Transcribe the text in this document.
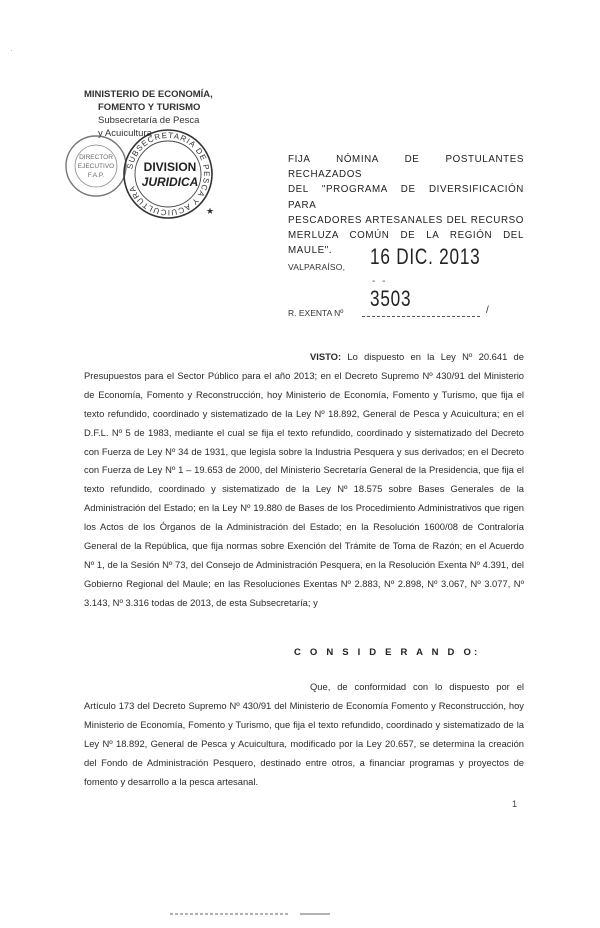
·
MINISTERIO DE ECONOMÍA,
FOMENTO Y TURISMO
Subsecretaría de Pesca
y Acuicultura
DIRECTOR
EJECUTIVO
F.A.P.
SUBSECRETARIA DE PESCA Y ACUICULTURA
DIVISION
JURIDICA
★
FIJA NÓMINA DE POSTULANTES RECHAZADOS
DEL "PROGRAMA DE DIVERSIFICACIÓN PARA
PESCADORES ARTESANALES DEL RECURSO
MERLUZA COMÚN DE LA REGIÓN DEL MAULE".
VALPARAÍSO, 16 DIC. 2013
- -
3503
R. EXENTA Nº	/
VISTO: Lo dispuesto en la Ley Nº 20.641 de Presupuestos para el Sector Público para el año 2013; en el Decreto Supremo Nº 430/91 del Ministerio de Economía, Fomento y Reconstrucción, hoy Ministerio de Economía, Fomento y Turismo, que fija el texto refundido, coordinado y sistematizado de la Ley Nº 18.892, General de Pesca y Acuicultura; en el D.F.L. Nº 5 de 1983, mediante el cual se fija el texto refundido, coordinado y sistematizado del Decreto con Fuerza de Ley Nº 34 de 1931, que legisla sobre la Industria Pesquera y sus derivados; en el Decreto con Fuerza de Ley Nº 1 – 19.653 de 2000, del Ministerio Secretaría General de la Presidencia, que fija el texto refundido, coordinado y sistematizado de la Ley Nº 18.575 sobre Bases Generales de la Administración del Estado; en la Ley Nº 19.880 de Bases de los Procedimiento Administrativos que rigen los Actos de los Órganos de la Administración del Estado; en la Resolución 1600/08 de Contraloría General de la República, que fija normas sobre Exención del Trámite de Toma de Razón; en el Acuerdo Nº 1, de la Sesión Nº 73, del Consejo de Administración Pesquera, en la Resolución Exenta Nº 4.391, del Gobierno Regional del Maule; en las Resoluciones Exentas Nº 2.883, Nº 2.898, Nº 3.067, Nº 3.077, Nº 3.143, Nº 3.316 todas de 2013, de esta Subsecretaría; y
C O N S I D E R A N D O:
Que, de conformidad con lo dispuesto por el Artículo 173 del Decreto Supremo Nº 430/91 del Ministerio de Economía Fomento y Reconstrucción, hoy Ministerio de Economía, Fomento y Turismo, que fija el texto refundido, coordinado y sistematizado de la Ley Nº 18.892, General de Pesca y Acuicultura, modificado por la Ley 20.657, se determina la creación del Fondo de Administración Pesquero, destinado entre otros, a financiar programas y proyectos de fomento y desarrollo a la pesca artesanal.
1
